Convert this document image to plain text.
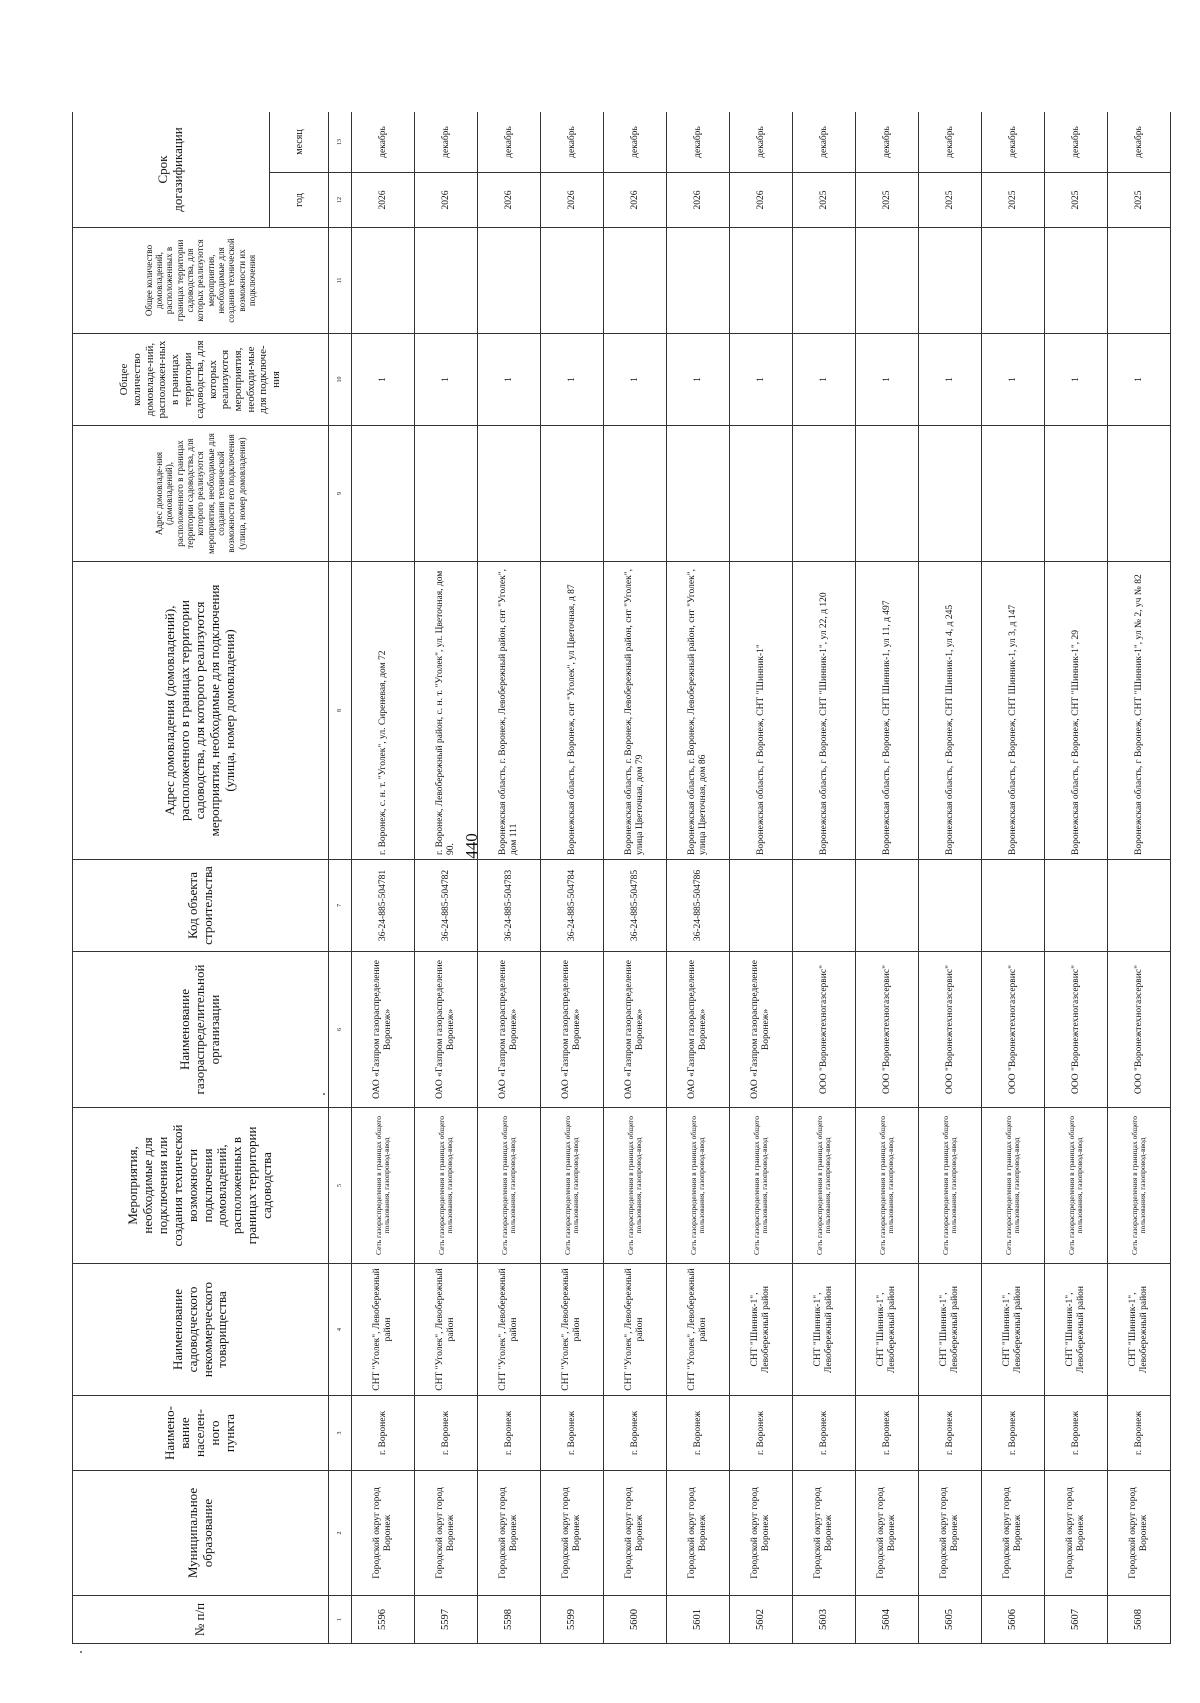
440
№ п/п	Муниципальное образование	Наимено-вание населен-ного пункта	Наименование садоводческого некоммерческого товарищества	Мероприятия, необходимые для подключения или создания технической возможности подключения домовладений, расположенных в границах территории садоводства	Наименование газораспределительной организации	Код объекта строительства	Адрес домовладения (домовладений), расположенного в границах территории садоводства, для которого реализуются мероприятия, необходимые для подключения (улица, номер домовладения)	Адрес домовладе-ния (домовладений), расположенного в границах территории садоводства, для которого реализуются мероприятия, необходимые для создания технической возможности его подключения (улица, номер домовладения)	Общее количество домовладе-ний, расположен-ных в границах территории садоводства, для которых реализуются мероприятия, необходи-мые для подключе-ния	Общее количество домовладений, расположенных в границах территории садоводства, для которых реализуются мероприятия, необходимые для создания технической возможности их подключения	Срок догазификации	
											год	месяц
1	2	3	4	5	6	7	8	9	10	11	12	13
5596	Городской округ город Воронеж	г. Воронеж	СНТ "Уголек", Левобережный район	Сеть газораспределения в границах общего пользования, газопровод-ввод	ОАО «Газпром газораспределение Воронеж»	36-24-885-504781	г. Воронеж, с. н. т. "Уголек", ул. Сиреневая, дом 72		1		2026	декабрь
5597	Городской округ город Воронеж	г. Воронеж	СНТ "Уголек", Левобережный район	Сеть газораспределения в границах общего пользования, газопровод-ввод	ОАО «Газпром газораспределение Воронеж»	36-24-885-504782	г. Воронеж, Левобережный район, с. н. т. "Уголек", ул. Цветочная, дом 90.		1		2026	декабрь
5598	Городской округ город Воронеж	г. Воронеж	СНТ "Уголек", Левобережный район	Сеть газораспределения в границах общего пользования, газопровод-ввод	ОАО «Газпром газораспределение Воронеж»	36-24-885-504783	Воронежская область, г. Воронеж, Левобережный район, снт "Уголек", дом 111		1		2026	декабрь
5599	Городской округ город Воронеж	г. Воронеж	СНТ "Уголек", Левобережный район	Сеть газораспределения в границах общего пользования, газопровод-ввод	ОАО «Газпром газораспределение Воронеж»	36-24-885-504784	Воронежская область, г Воронеж, снт "Уголек", ул Цветочная, д 87		1		2026	декабрь
5600	Городской округ город Воронеж	г. Воронеж	СНТ "Уголек", Левобережный район	Сеть газораспределения в границах общего пользования, газопровод-ввод	ОАО «Газпром газораспределение Воронеж»	36-24-885-504785	Воронежская область, г. Воронеж, Левобережный район, снт "Уголек", улица Цветочная, дом 79		1		2026	декабрь
5601	Городской округ город Воронеж	г. Воронеж	СНТ "Уголек", Левобережный район	Сеть газораспределения в границах общего пользования, газопровод-ввод	ОАО «Газпром газораспределение Воронеж»	36-24-885-504786	Воронежская область, г. Воронеж, Левобережный район, снт "Уголек", улица Цветочная, дом 86		1		2026	декабрь
5602	Городской округ город Воронеж	г. Воронеж	СНТ "Шинник-1", Левобережный район	Сеть газораспределения в границах общего пользования, газопровод-ввод	ОАО «Газпром газораспределение Воронеж»		Воронежская область, г Воронеж, СНТ "Шинник-1"		1		2026	декабрь
5603	Городской округ город Воронеж	г. Воронеж	СНТ "Шинник-1", Левобережный район	Сеть газораспределения в границах общего пользования, газопровод-ввод	ООО "Воронежтехногазсервис"		Воронежская область, г Воронеж, СНТ "Шинник-1", ул 22, д 120		1		2025	декабрь
5604	Городской округ город Воронеж	г. Воронеж	СНТ "Шинник-1", Левобережный район	Сеть газораспределения в границах общего пользования, газопровод-ввод	ООО "Воронежтехногазсервис"		Воронежская область, г Воронеж, СНТ Шинник-1, ул 11, д 497		1		2025	декабрь
5605	Городской округ город Воронеж	г. Воронеж	СНТ "Шинник-1", Левобережный район	Сеть газораспределения в границах общего пользования, газопровод-ввод	ООО "Воронежтехногазсервис"		Воронежская область, г Воронеж, СНТ Шинник-1, ул 4, д 245		1		2025	декабрь
5606	Городской округ город Воронеж	г. Воронеж	СНТ "Шинник-1", Левобережный район	Сеть газораспределения в границах общего пользования, газопровод-ввод	ООО "Воронежтехногазсервис"		Воронежская область, г Воронеж, СНТ Шинник-1, ул 3, д 147		1		2025	декабрь
5607	Городской округ город Воронеж	г. Воронеж	СНТ "Шинник-1", Левобережный район	Сеть газораспределения в границах общего пользования, газопровод-ввод	ООО "Воронежтехногазсервис"		Воронежская область, г Воронеж, СНТ "Шинник-1", 29		1		2025	декабрь
5608	Городской округ город Воронеж	г. Воронеж	СНТ "Шинник-1", Левобережный район	Сеть газораспределения в границах общего пользования, газопровод-ввод	ООО "Воронежтехногазсервис"		Воронежская область, г Воронеж, СНТ "Шинник-1", ул № 2, уч № 82		1		2025	декабрь
